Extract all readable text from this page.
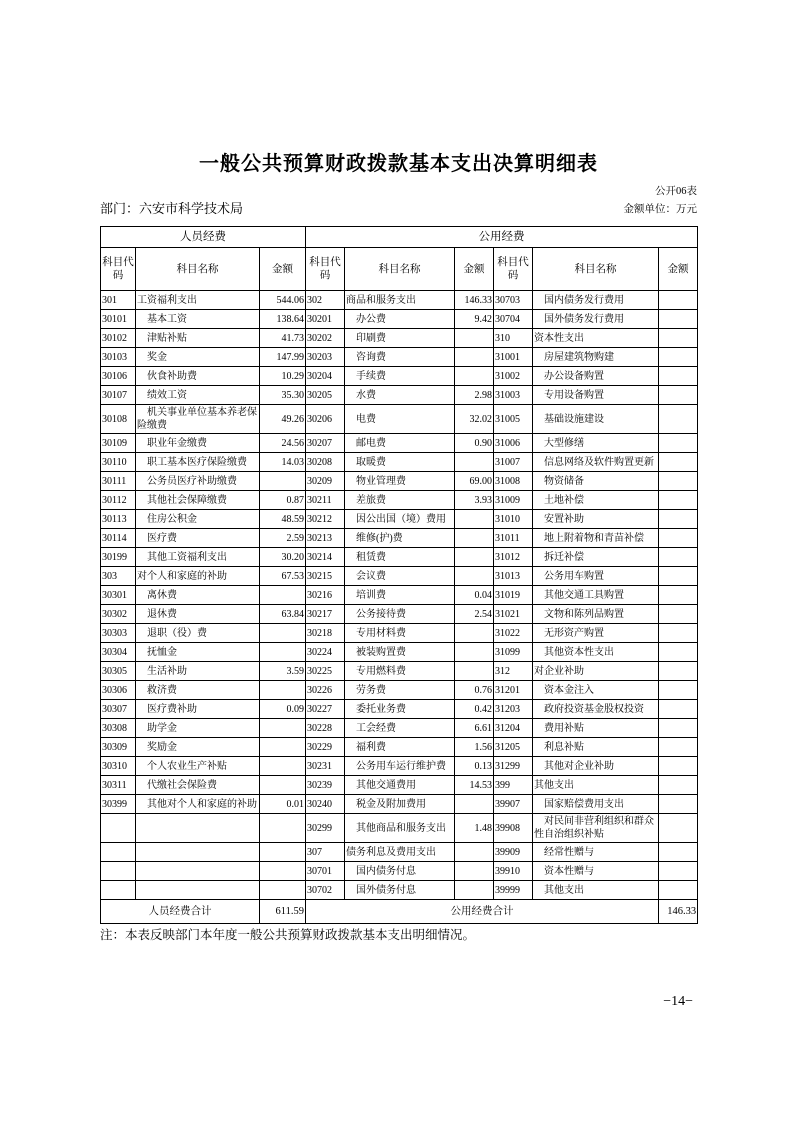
一般公共预算财政拨款基本支出决算明细表
公开06表
部门：六安市科学技术局	金额单位：万元
人员经费			公用经费					
科目代码	科目名称	金额	科目代码	科目名称	金额	科目代码	科目名称	金额
301	工资福利支出	544.06	302	商品和服务支出	146.33	30703	国内债务发行费用	
30101	基本工资	138.64	30201	办公费	9.42	30704	国外债务发行费用	
30102	津贴补贴	41.73	30202	印刷费		310	资本性支出	
30103	奖金	147.99	30203	咨询费		31001	房屋建筑物购建	
30106	伙食补助费	10.29	30204	手续费		31002	办公设备购置	
30107	绩效工资	35.30	30205	水费	2.98	31003	专用设备购置	
30108	机关事业单位基本养老保险缴费	49.26	30206	电费	32.02	31005	基础设施建设	
30109	职业年金缴费	24.56	30207	邮电费	0.90	31006	大型修缮	
30110	职工基本医疗保险缴费	14.03	30208	取暖费		31007	信息网络及软件购置更新	
30111	公务员医疗补助缴费		30209	物业管理费	69.00	31008	物资储备	
30112	其他社会保障缴费	0.87	30211	差旅费	3.93	31009	土地补偿	
30113	住房公积金	48.59	30212	因公出国（境）费用		31010	安置补助	
30114	医疗费	2.59	30213	维修(护)费		31011	地上附着物和青苗补偿	
30199	其他工资福利支出	30.20	30214	租赁费		31012	拆迁补偿	
303	对个人和家庭的补助	67.53	30215	会议费		31013	公务用车购置	
30301	离休费		30216	培训费	0.04	31019	其他交通工具购置	
30302	退休费	63.84	30217	公务接待费	2.54	31021	文物和陈列品购置	
30303	退职（役）费		30218	专用材料费		31022	无形资产购置	
30304	抚恤金		30224	被装购置费		31099	其他资本性支出	
30305	生活补助	3.59	30225	专用燃料费		312	对企业补助	
30306	救济费		30226	劳务费	0.76	31201	资本金注入	
30307	医疗费补助	0.09	30227	委托业务费	0.42	31203	政府投资基金股权投资	
30308	助学金		30228	工会经费	6.61	31204	费用补贴	
30309	奖励金		30229	福利费	1.56	31205	利息补贴	
30310	个人农业生产补贴		30231	公务用车运行维护费	0.13	31299	其他对企业补助	
30311	代缴社会保险费		30239	其他交通费用	14.53	399	其他支出	
30399	其他对个人和家庭的补助	0.01	30240	税金及附加费用		39907	国家赔偿费用支出	
			30299	其他商品和服务支出	1.48	39908	对民间非营利组织和群众性自治组织补贴	
			307	债务利息及费用支出		39909	经常性赠与	
			30701	国内债务付息		39910	资本性赠与	
			30702	国外债务付息		39999	其他支出	
人员经费合计		611.59	公用经费合计					146.33
注：本表反映部门本年度一般公共预算财政拨款基本支出明细情况。
−14−
